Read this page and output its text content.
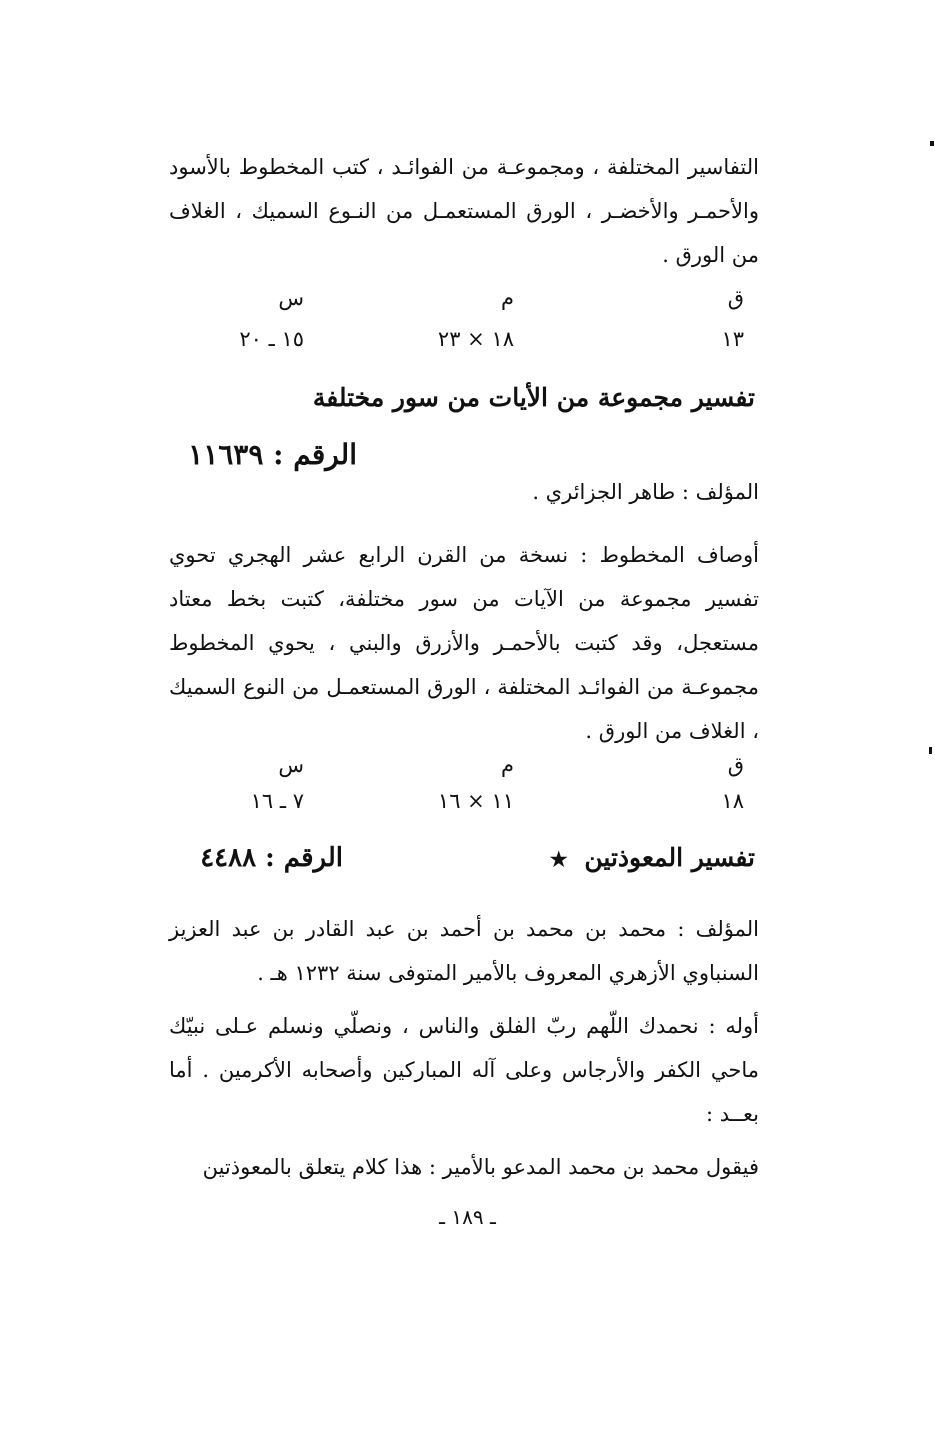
التفاسير المختلفة ، ومجموعـة من الفوائـد ، كتب المخطوط بالأسود والأحمـر والأخضـر ، الورق المستعمـل من النـوع السميك ، الغلاف من الورق .
ق
م
س
١٣
١٨ × ٢٣
١٥ ـ ٢٠
تفسير مجموعة من الأيات من سور مختلفة
الرقم : ١١٦٣٩
المؤلف : طاهر الجزائري .
أوصاف المخطوط : نسخة من القرن الرابع عشر الهجري تحوي تفسير مجموعة من الآيات من سور مختلفة، كتبت بخط معتاد مستعجل، وقد كتبت بالأحمـر والأزرق والبني ، يحوي المخطوط مجموعـة من الفوائـد المختلفة ، الورق المستعمـل من النوع السميك ، الغلاف من الورق .
ق
م
س
١٨
١١ × ١٦
٧ ـ ١٦
تفسير المعوذتين ★
الرقم : ٤٤٨٨
المؤلف : محمد بن محمد بن أحمد بن عبد القادر بن عبد العزيز السنباوي الأزهري المعروف بالأمير المتوفى سنة ١٢٣٢ هـ .
أوله : نحمدك اللّهم ربّ الفلق والناس ، ونصلّي ونسلم عـلى نبيّك ماحي الكفر والأرجاس وعلى آله المباركين وأصحابه الأكرمين . أما بعــد :
فيقول محمد بن محمد المدعو بالأمير : هذا كلام يتعلق بالمعوذتين
ـ ١٨٩ ـ
